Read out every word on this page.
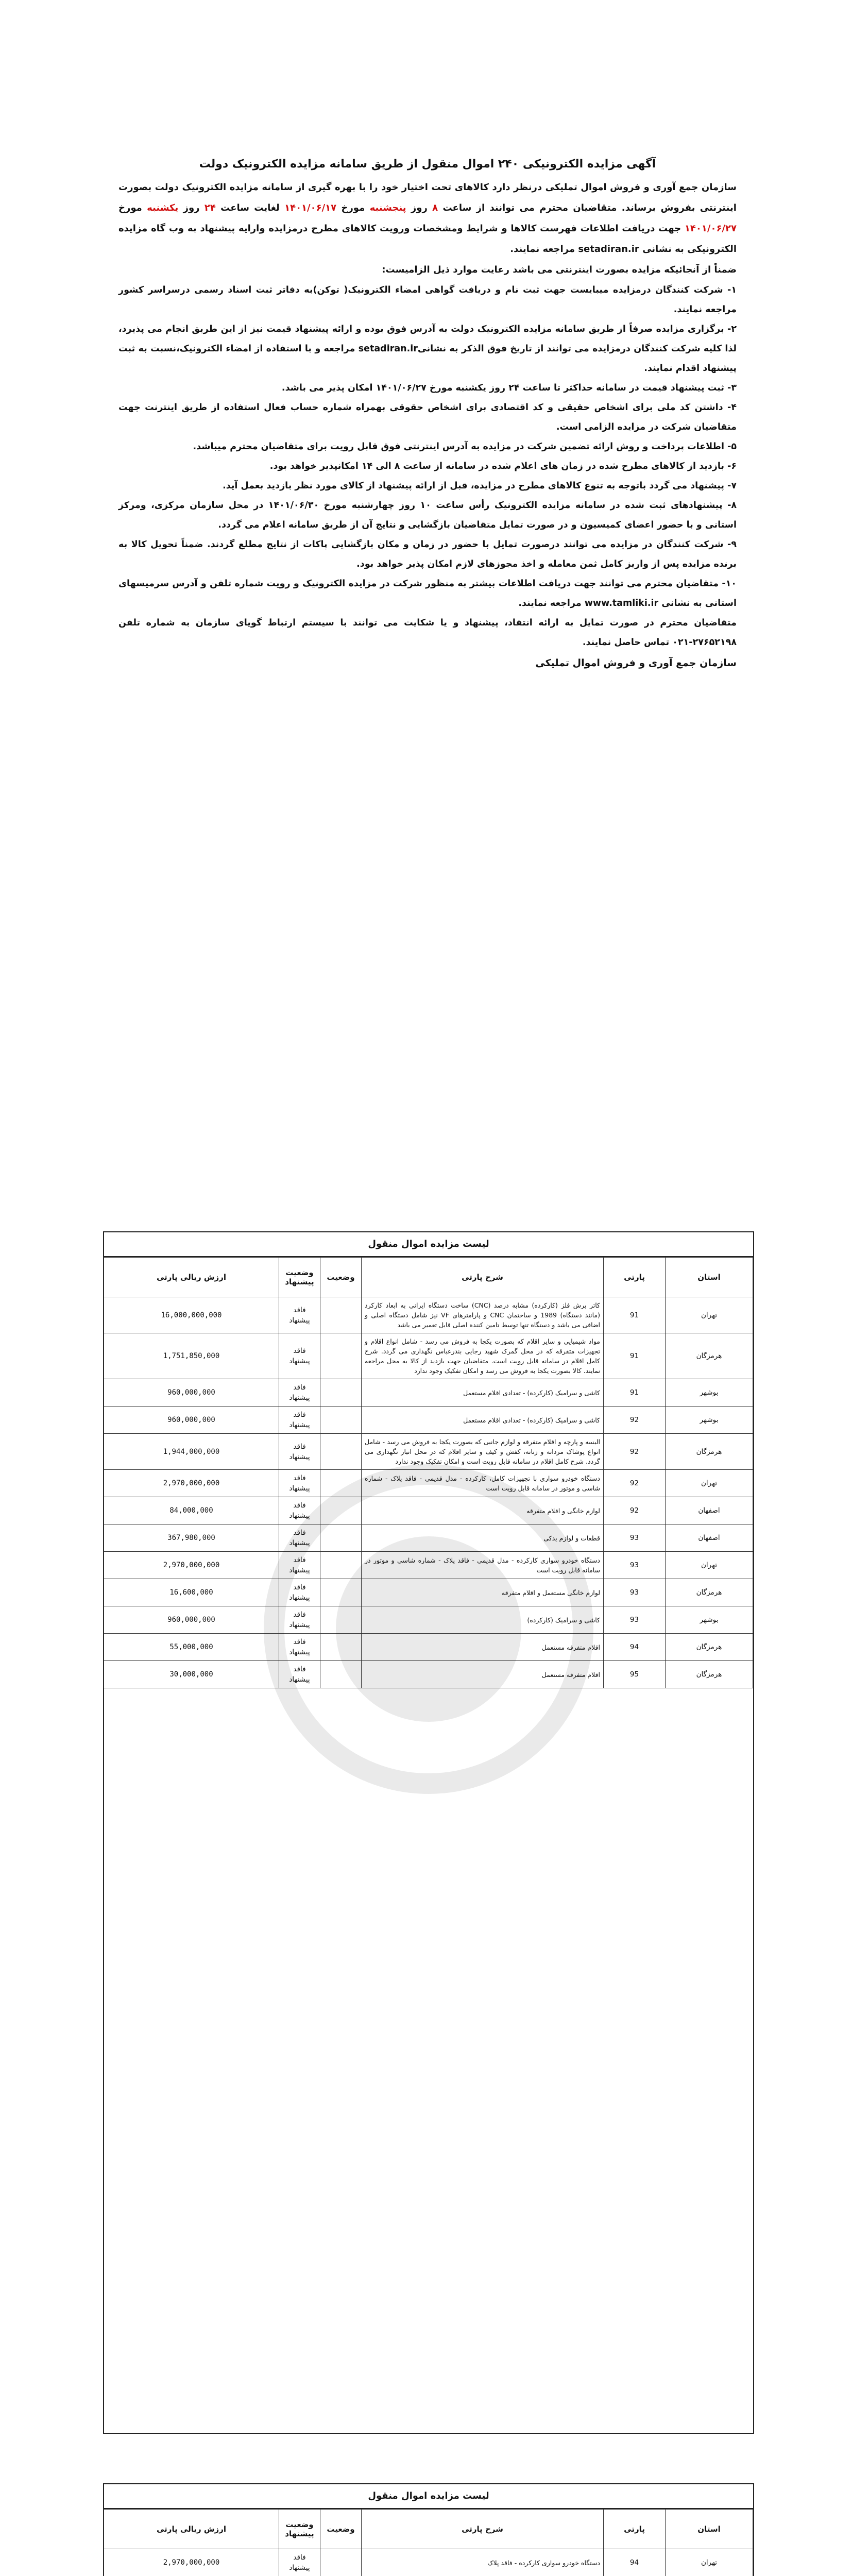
آگهی مزایده الکترونیکی ۲۴۰ اموال منقول از طریق سامانه مزایده الکترونیک دولت

سازمان جمع آوری و فروش اموال تملیکی درنظر دارد کالاهای تحت اختیار خود را با بهره گیری از سامانه مزایده الکترونیک دولت بصورت اینترنتی بفروش برساند. متقاضیان محترم می توانند از ساعت ۸ روز پنجشنبه مورخ ۱۴۰۱/۰۶/۱۷ لغایت ساعت ۲۴ روز یکشنبه مورخ ۱۴۰۱/۰۶/۲۷ جهت دریافت اطلاعات فهرست کالاها و شرایط ومشخصات ورویت کالاهای مطرح درمزایده وارایه پیشنهاد به وب گاه مزایده الکترونیکی به نشانی setadiran.ir مراجعه نمایند.

ضمناً از آنجائیکه مزایده بصورت اینترنتی می باشد رعایت موارد ذیل الزامیست:

۱- شرکت کنندگان درمزایده میبایست جهت ثبت نام و دریافت گواهی امضاء الکترونیک( توکن)به دفاتر ثبت اسناد رسمی درسراسر کشور مراجعه نمایند.
۲- برگزاری مزایده صرفاً از طریق سامانه مزایده الکترونیک دولت به آدرس فوق بوده و ارائه پیشنهاد قیمت نیز از این طریق انجام می پذیرد، لذا کلیه شرکت کنندگان درمزایده می توانند از تاریخ فوق الذکر به نشانیsetadiran.ir مراجعه و با استفاده از امضاء الکترونیک،نسبت به ثبت پیشنهاد اقدام نمایند.
۳- ثبت پیشنهاد قیمت در سامانه حداکثر تا ساعت ۲۴ روز یکشنبه مورخ ۱۴۰۱/۰۶/۲۷ امکان پذیر می باشد.
۴- داشتن کد ملی برای اشخاص حقیقی و کد اقتصادی برای اشخاص حقوقی بهمراه شماره حساب فعال استفاده از طریق اینترنت جهت متقاضیان شرکت در مزایده الزامی است.
۵- اطلاعات پرداخت و روش ارائه تضمین شرکت در مزایده به آدرس اینترنتی فوق قابل رویت برای متقاضیان محترم میباشد.
۶- بازدید از کالاهای مطرح شده در زمان های اعلام شده در سامانه از ساعت ۸ الی ۱۴ امکانپذیر خواهد بود.
۷- پیشنهاد می گردد باتوجه به تنوع کالاهای مطرح در مزایده، قبل از ارائه پیشنهاد از کالای مورد نظر بازدید بعمل آید.
۸- پیشنهادهای ثبت شده در سامانه مزایده الکترونیک رأس ساعت ۱۰ روز چهارشنبه مورخ ۱۴۰۱/۰۶/۳۰ در محل سازمان مرکزی، ومرکز استانی و با حضور اعضای کمیسیون و در صورت تمایل متقاضیان بازگشایی و نتایج آن از طریق سامانه اعلام می گردد.
۹- شرکت کنندگان در مزایده می توانند درصورت تمایل با حضور در زمان و مکان بازگشایی پاکات از نتایج مطلع گردند. ضمناً تحویل کالا به برنده مزایده پس از واریز کامل ثمن معامله و اخذ مجوزهای لازم امکان پذیر خواهد بود.
۱۰- متقاضیان محترم می توانند جهت دریافت اطلاعات بیشتر به منظور شرکت در مزایده الکترونیک و رویت شماره تلفن و آدرس سرمیسهای استانی به نشانی www.tamliki.ir مراجعه نمایند.
متقاضیان محترم در صورت تمایل به ارائه انتقاد، پیشنهاد و یا شکایت می توانند با سیستم ارتباط گویای سازمان به شماره تلفن ۲۷۶۵۲۱۹۸-۰۲۱ تماس حاصل نمایند.
سازمان جمع آوری و فروش اموال تملیکی
لیست مزایده اموال منقول
استان	پارتی	شرح پارتی	وضعیت	وضعیت پیشنهاد	ارزش ریالی پارتی
تهران	91	کاتر برش فلز (کارکرده) مشابه درصد (CNC) ساخت دستگاه ایرانی به ابعاد کارکرد (مانند دستگاه) 1989 و ساختمان CNC و پارامترهای VF نیز شامل دستگاه اصلی و اضافی می باشد و دستگاه تنها توسط تامین کننده اصلی قابل تعمیر می باشد		فاقد پیشنهاد	16,000,000,000
هرمزگان	91	مواد شیمیایی و سایر اقلام که بصورت یکجا به فروش می رسد - شامل انواع اقلام و تجهیزات متفرقه که در محل گمرک شهید رجایی بندرعباس نگهداری می گردد. شرح کامل اقلام در سامانه قابل رویت است. متقاضیان جهت بازدید از کالا به محل مراجعه نمایند. کالا بصورت یکجا به فروش می رسد و امکان تفکیک وجود ندارد		فاقد پیشنهاد	1,751,850,000
بوشهر	91	کاشی و سرامیک (کارکرده) - تعدادی اقلام مستعمل		فاقد پیشنهاد	960,000,000
بوشهر	92	کاشی و سرامیک (کارکرده) - تعدادی اقلام مستعمل		فاقد پیشنهاد	960,000,000
هرمزگان	92	البسه و پارچه و اقلام متفرقه و لوازم جانبی که بصورت یکجا به فروش می رسد - شامل انواع پوشاک مردانه و زنانه، کفش و کیف و سایر اقلام که در محل انبار نگهداری می گردد. شرح کامل اقلام در سامانه قابل رویت است و امکان تفکیک وجود ندارد		فاقد پیشنهاد	1,944,000,000
تهران	92	دستگاه خودرو سواری با تجهیزات کامل، کارکرده - مدل قدیمی - فاقد پلاک - شماره شاسی و موتور در سامانه قابل رویت است		فاقد پیشنهاد	2,970,000,000
اصفهان	92	لوازم خانگی و اقلام متفرقه		فاقد پیشنهاد	84,000,000
اصفهان	93	قطعات و لوازم یدکی		فاقد پیشنهاد	367,980,000
تهران	93	دستگاه خودرو سواری کارکرده - مدل قدیمی - فاقد پلاک - شماره شاسی و موتور در سامانه قابل رویت است		فاقد پیشنهاد	2,970,000,000
هرمزگان	93	لوازم خانگی مستعمل و اقلام متفرقه		فاقد پیشنهاد	16,600,000
بوشهر	93	کاشی و سرامیک (کارکرده)		فاقد پیشنهاد	960,000,000
هرمزگان	94	اقلام متفرقه مستعمل		فاقد پیشنهاد	55,000,000
هرمزگان	95	اقلام متفرقه مستعمل		فاقد پیشنهاد	30,000,000
لیست مزایده اموال منقول
استان	پارتی	شرح پارتی	وضعیت	وضعیت پیشنهاد	ارزش ریالی پارتی
تهران	94	دستگاه خودرو سواری کارکرده - فاقد پلاک		فاقد پیشنهاد	2,970,000,000
